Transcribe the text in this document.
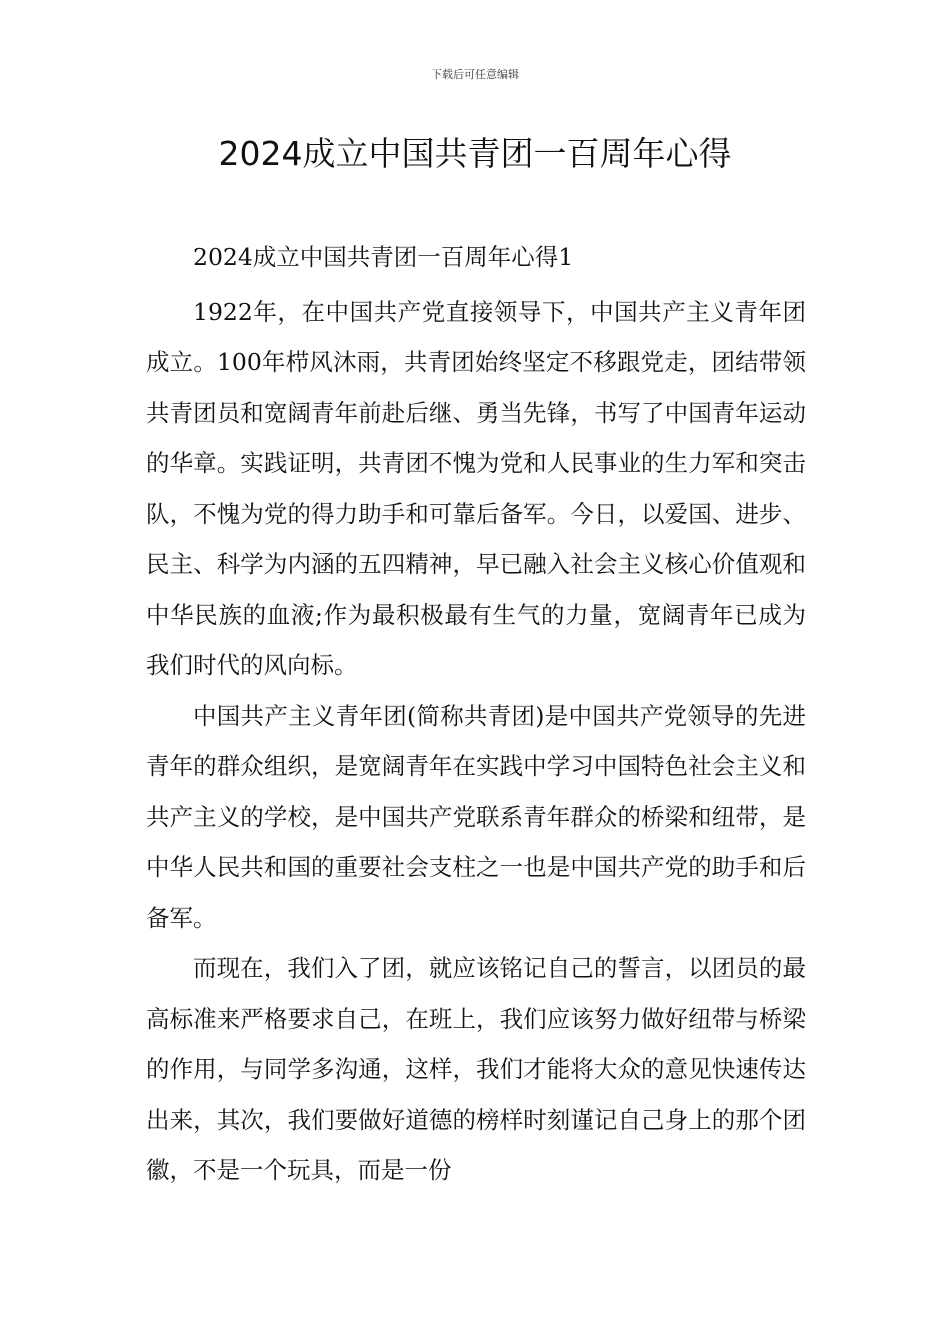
下载后可任意编辑
2024成立中国共青团一百周年心得

2024成立中国共青团一百周年心得1

1922年，在中国共产党直接领导下，中国共产主义青年团成立。100年栉风沐雨，共青团始终坚定不移跟党走，团结带领共青团员和宽阔青年前赴后继、勇当先锋，书写了中国青年运动的华章。实践证明，共青团不愧为党和人民事业的生力军和突击队，不愧为党的得力助手和可靠后备军。今日，以爱国、进步、民主、科学为内涵的五四精神，早已融入社会主义核心价值观和中华民族的血液;作为最积极最有生气的力量，宽阔青年已成为我们时代的风向标。

中国共产主义青年团(简称共青团)是中国共产党领导的先进青年的群众组织，是宽阔青年在实践中学习中国特色社会主义和共产主义的学校，是中国共产党联系青年群众的桥梁和纽带，是中华人民共和国的重要社会支柱之一也是中国共产党的助手和后备军。

而现在，我们入了团，就应该铭记自己的誓言，以团员的最高标准来严格要求自己，在班上，我们应该努力做好纽带与桥梁的作用，与同学多沟通，这样，我们才能将大众的意见快速传达出来，其次，我们要做好道德的榜样时刻谨记自己身上的那个团徽，不是一个玩具，而是一份
